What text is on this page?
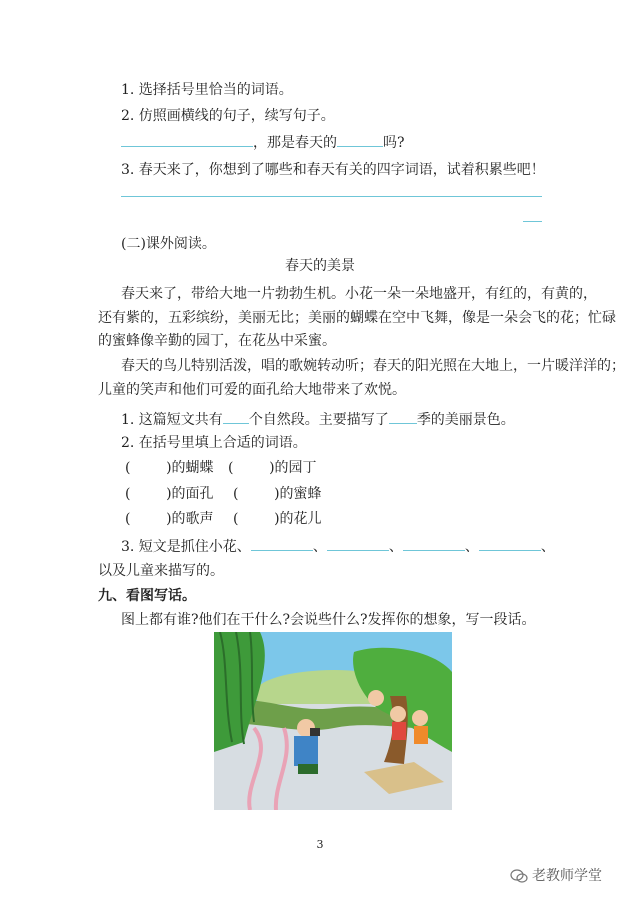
1. 选择括号里恰当的词语。
2. 仿照画横线的句子，续写句子。
，那是春天的	吗?
3. 春天来了，你想到了哪些和春天有关的四字词语，试着积累些吧！
(二)课外阅读。
春天的美景
春天来了，带给大地一片勃勃生机。小花一朵一朵地盛开，有红的，有黄的，
还有紫的，五彩缤纷，美丽无比；美丽的蝴蝶在空中飞舞，像是一朵会飞的花；忙碌
的蜜蜂像辛勤的园丁，在花丛中采蜜。
春天的鸟儿特别活泼，唱的歌婉转动听；春天的阳光照在大地上，一片暖洋洋的；
儿童的笑声和他们可爱的面孔给大地带来了欢悦。
1. 这篇短文共有 个自然段。主要描写了 季的美丽景色。
2. 在括号里填上合适的词语。
(        )的蝴蝶 (        )的园丁
(        )的面孔 (        )的蜜蜂
(        )的歌声 (        )的花儿
3. 短文是抓住小花、	、	、	、	、
以及儿童来描写的。
九、看图写话。
图上都有谁?他们在干什么?会说些什么?发挥你的想象，写一段话。
3
老教师学堂
